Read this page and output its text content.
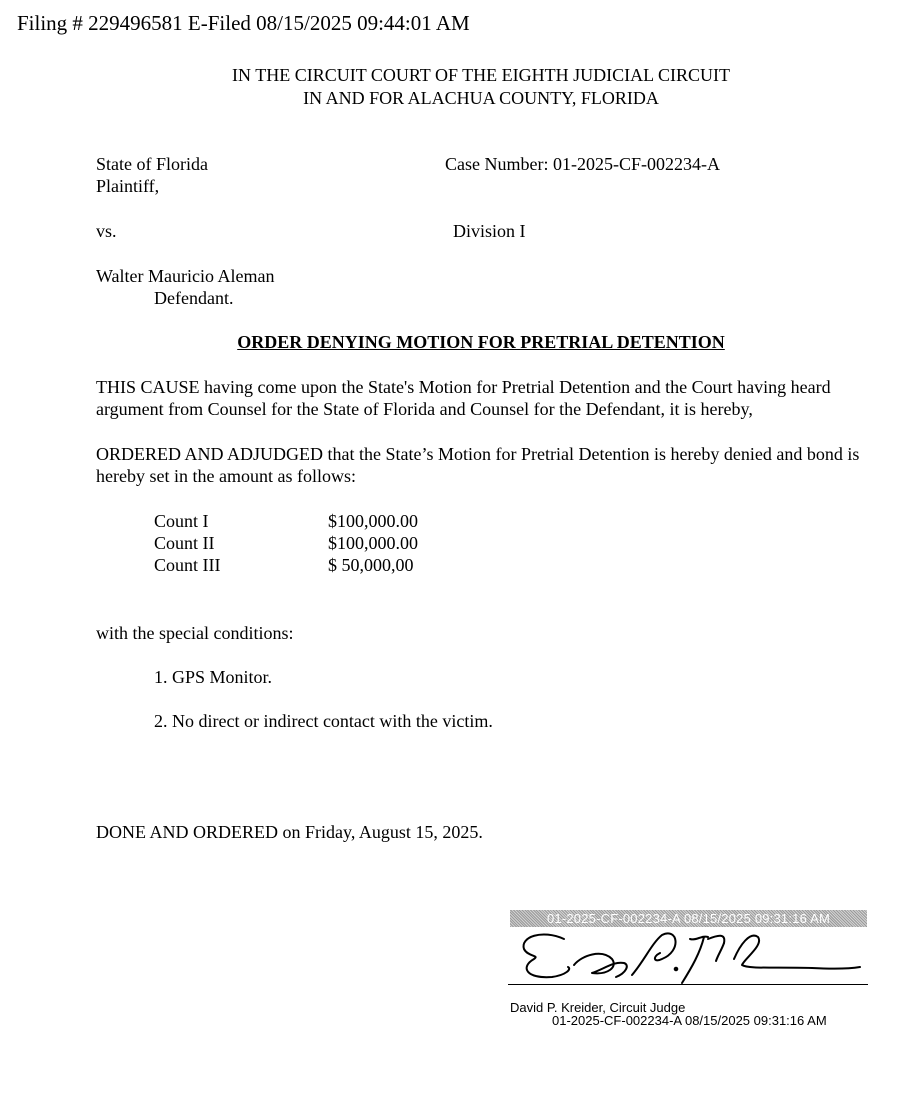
Filing # 229496581 E-Filed 08/15/2025 09:44:01 AM
IN THE CIRCUIT COURT OF THE EIGHTH JUDICIAL CIRCUIT
IN AND FOR ALACHUA COUNTY, FLORIDA
State of Florida
Plaintiff,
Case Number: 01-2025-CF-002234-A
vs.	Division I
Walter Mauricio Aleman
Defendant.
ORDER DENYING MOTION FOR PRETRIAL DETENTION
THIS CAUSE having come upon the State's Motion for Pretrial Detention and the Court having heard argument from Counsel for the State of Florida and Counsel for the Defendant, it is hereby,
ORDERED AND ADJUDGED that the State’s Motion for Pretrial Detention is hereby denied and bond is hereby set in the amount as follows:
Count I	$100,000.00
Count II	$100,000.00
Count III	$ 50,000,00
with the special conditions:
1. GPS Monitor.
2. No direct or indirect contact with the victim.
DONE AND ORDERED on Friday, August 15, 2025.
01-2025-CF-002234-A 08/15/2025 09:31:16 AM
David P. Kreider, Circuit Judge
01-2025-CF-002234-A 08/15/2025 09:31:16 AM
